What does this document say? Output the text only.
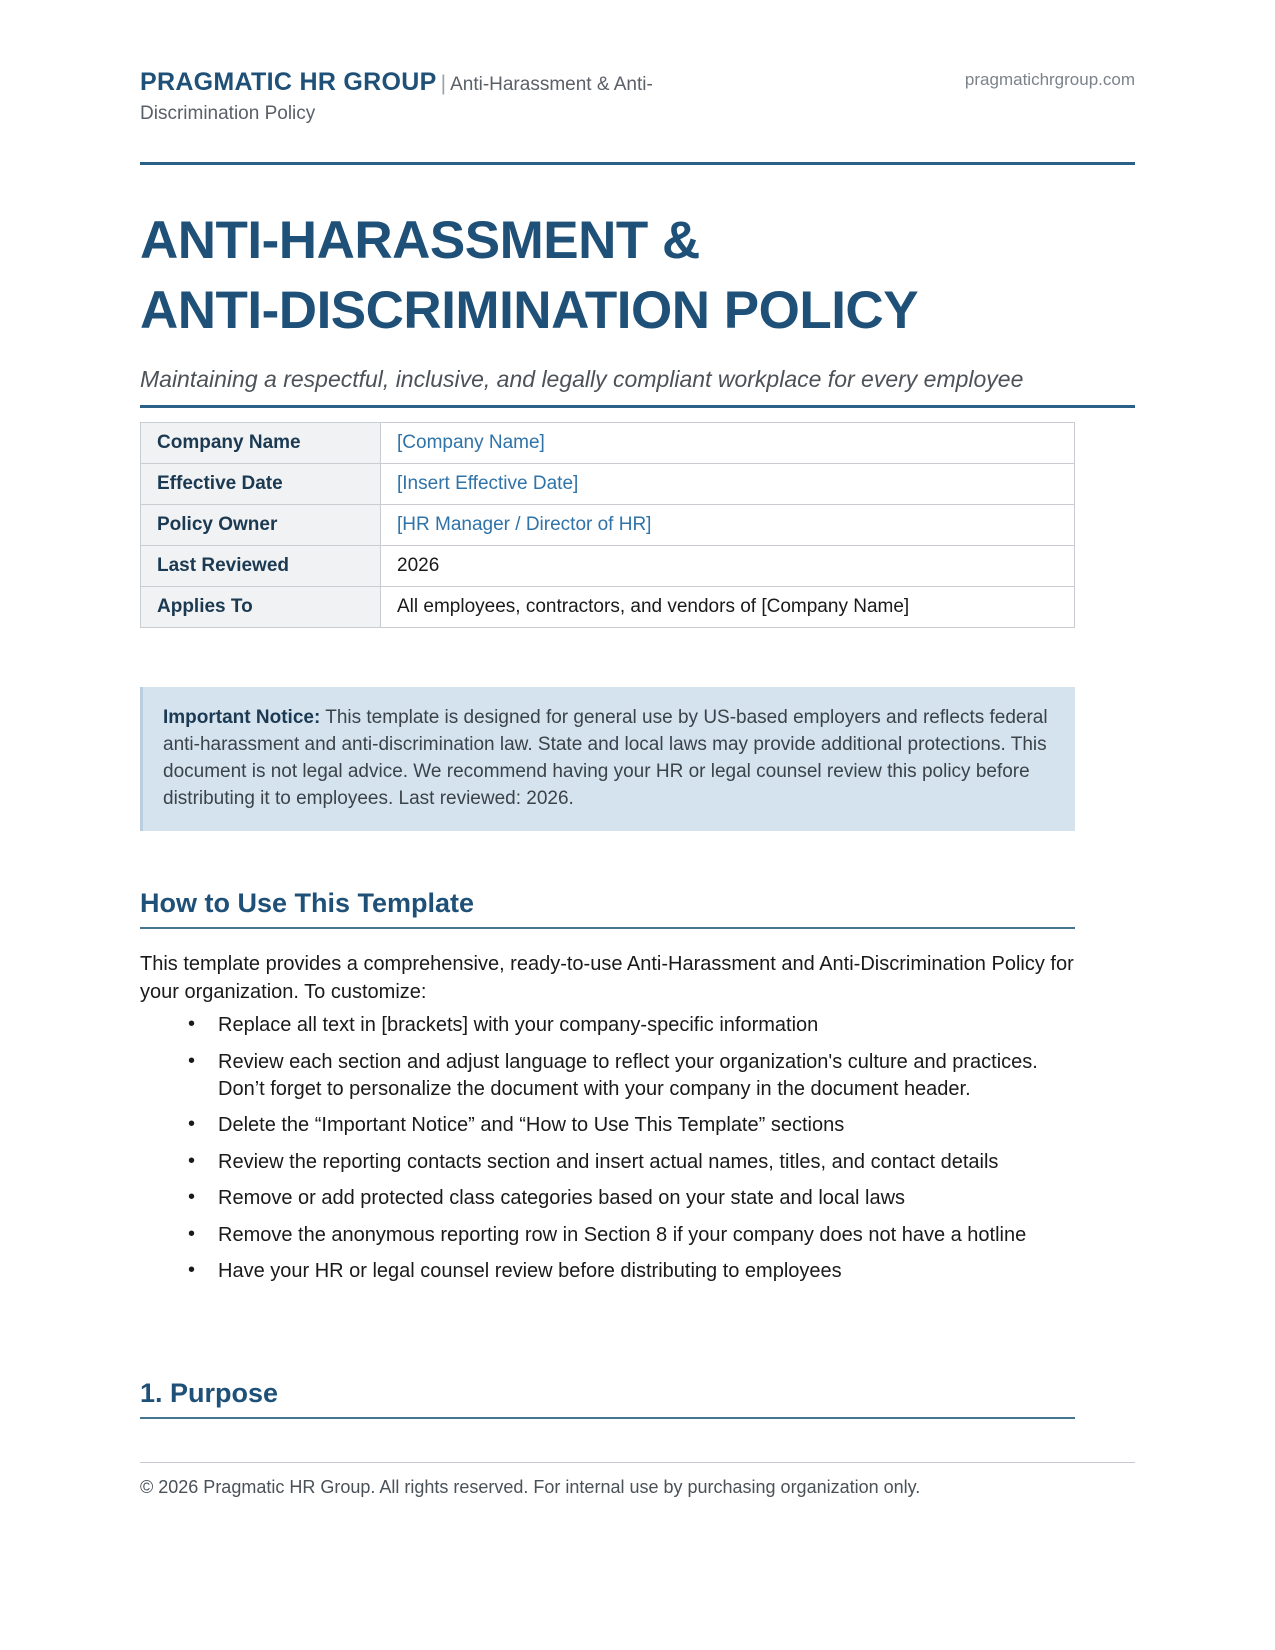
PRAGMATIC HR GROUP | Anti-Harassment & Anti-Discrimination Policy
pragmatichrgroup.com
ANTI-HARASSMENT &
ANTI-DISCRIMINATION POLICY
Maintaining a respectful, inclusive, and legally compliant workplace for every employee
Company Name	[Company Name]
Effective Date	[Insert Effective Date]
Policy Owner	[HR Manager / Director of HR]
Last Reviewed	2026
Applies To	All employees, contractors, and vendors of [Company Name]
Important Notice: This template is designed for general use by US-based employers and reflects federal anti-harassment and anti-discrimination law. State and local laws may provide additional protections. This document is not legal advice. We recommend having your HR or legal counsel review this policy before distributing it to employees. Last reviewed: 2026.
How to Use This Template

This template provides a comprehensive, ready-to-use Anti-Harassment and Anti-Discrimination Policy for your organization. To customize:

• Replace all text in [brackets] with your company-specific information
• Review each section and adjust language to reflect your organization's culture and practices. Don’t forget to personalize the document with your company in the document header.
• Delete the “Important Notice” and “How to Use This Template” sections
• Review the reporting contacts section and insert actual names, titles, and contact details
• Remove or add protected class categories based on your state and local laws
• Remove the anonymous reporting row in Section 8 if your company does not have a hotline
• Have your HR or legal counsel review before distributing to employees
1. Purpose
© 2026 Pragmatic HR Group. All rights reserved. For internal use by purchasing organization only.
